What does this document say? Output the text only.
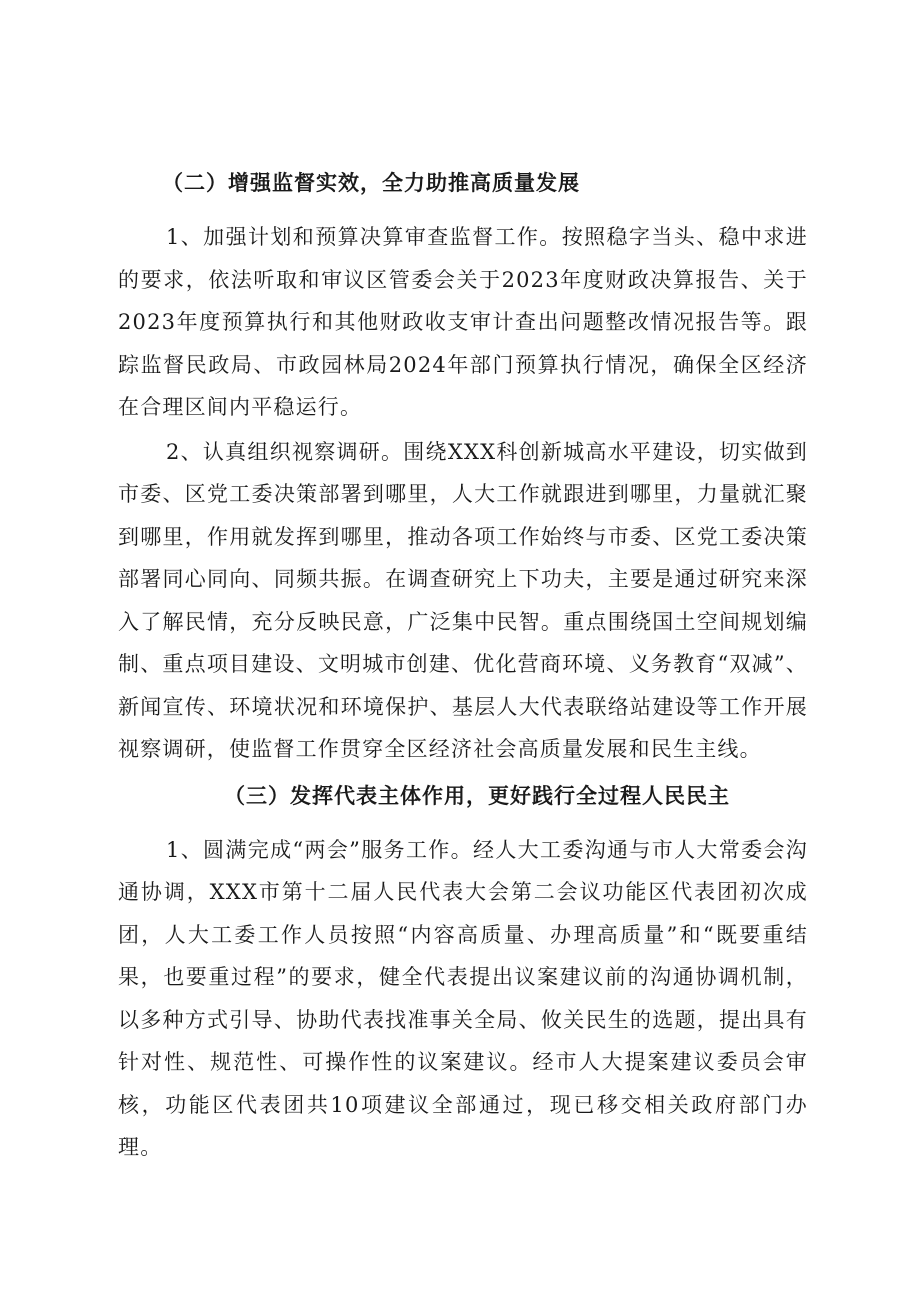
（二）增强监督实效，全力助推高质量发展

1、加强计划和预算决算审查监督工作。按照稳字当头、稳中求进的要求，依法听取和审议区管委会关于2023年度财政决算报告、关于2023年度预算执行和其他财政收支审计查出问题整改情况报告等。跟踪监督民政局、市政园林局2024年部门预算执行情况，确保全区经济在合理区间内平稳运行。

2、认真组织视察调研。围绕XXX科创新城高水平建设，切实做到市委、区党工委决策部署到哪里，人大工作就跟进到哪里，力量就汇聚到哪里，作用就发挥到哪里，推动各项工作始终与市委、区党工委决策部署同心同向、同频共振。在调查研究上下功夫，主要是通过研究来深入了解民情，充分反映民意，广泛集中民智。重点围绕国土空间规划编制、重点项目建设、文明城市创建、优化营商环境、义务教育“双减”、新闻宣传、环境状况和环境保护、基层人大代表联络站建设等工作开展视察调研，使监督工作贯穿全区经济社会高质量发展和民生主线。

（三）发挥代表主体作用，更好践行全过程人民民主

1、圆满完成“两会”服务工作。经人大工委沟通与市人大常委会沟通协调，XXX市第十二届人民代表大会第二会议功能区代表团初次成团，人大工委工作人员按照“内容高质量、办理高质量”和“既要重结果，也要重过程”的要求，健全代表提出议案建议前的沟通协调机制，以多种方式引导、协助代表找准事关全局、攸关民生的选题，提出具有针对性、规范性、可操作性的议案建议。经市人大提案建议委员会审核，功能区代表团共10项建议全部通过，现已移交相关政府部门办理。
